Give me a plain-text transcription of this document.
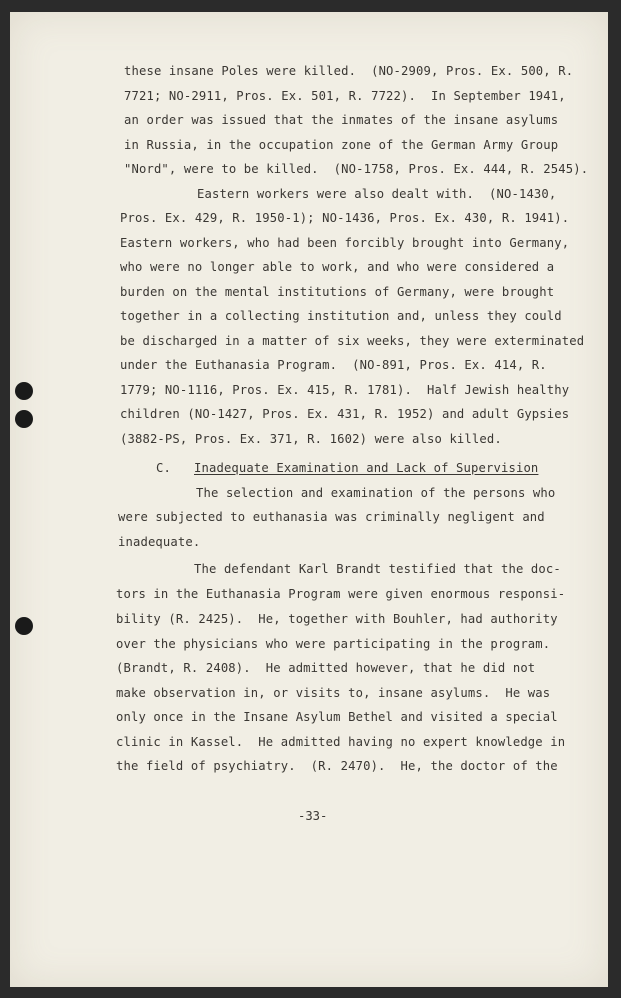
these insane Poles were killed.  (NO-2909, Pros. Ex. 500, R.
7721; NO-2911, Pros. Ex. 501, R. 7722).  In September 1941,
an order was issued that the inmates of the insane asylums
in Russia, in the occupation zone of the German Army Group
"Nord", were to be killed.  (NO-1758, Pros. Ex. 444, R. 2545).
Eastern workers were also dealt with.  (NO-1430,
Pros. Ex. 429, R. 1950-1); NO-1436, Pros. Ex. 430, R. 1941).
Eastern workers, who had been forcibly brought into Germany,
who were no longer able to work, and who were considered a
burden on the mental institutions of Germany, were brought
together in a collecting institution and, unless they could
be discharged in a matter of six weeks, they were exterminated
under the Euthanasia Program.  (NO-891, Pros. Ex. 414, R.
1779; NO-1116, Pros. Ex. 415, R. 1781).  Half Jewish healthy
children (NO-1427, Pros. Ex. 431, R. 1952) and adult Gypsies
(3882-PS, Pros. Ex. 371, R. 1602) were also killed.
C. Inadequate Examination and Lack of Supervision
The selection and examination of the persons who
were subjected to euthanasia was criminally negligent and
inadequate.
The defendant Karl Brandt testified that the doc-
tors in the Euthanasia Program were given enormous responsi-
bility (R. 2425).  He, together with Bouhler, had authority
over the physicians who were participating in the program.
(Brandt, R. 2408).  He admitted however, that he did not
make observation in, or visits to, insane asylums.  He was
only once in the Insane Asylum Bethel and visited a special
clinic in Kassel.  He admitted having no expert knowledge in
the field of psychiatry.  (R. 2470).  He, the doctor of the
-33-
